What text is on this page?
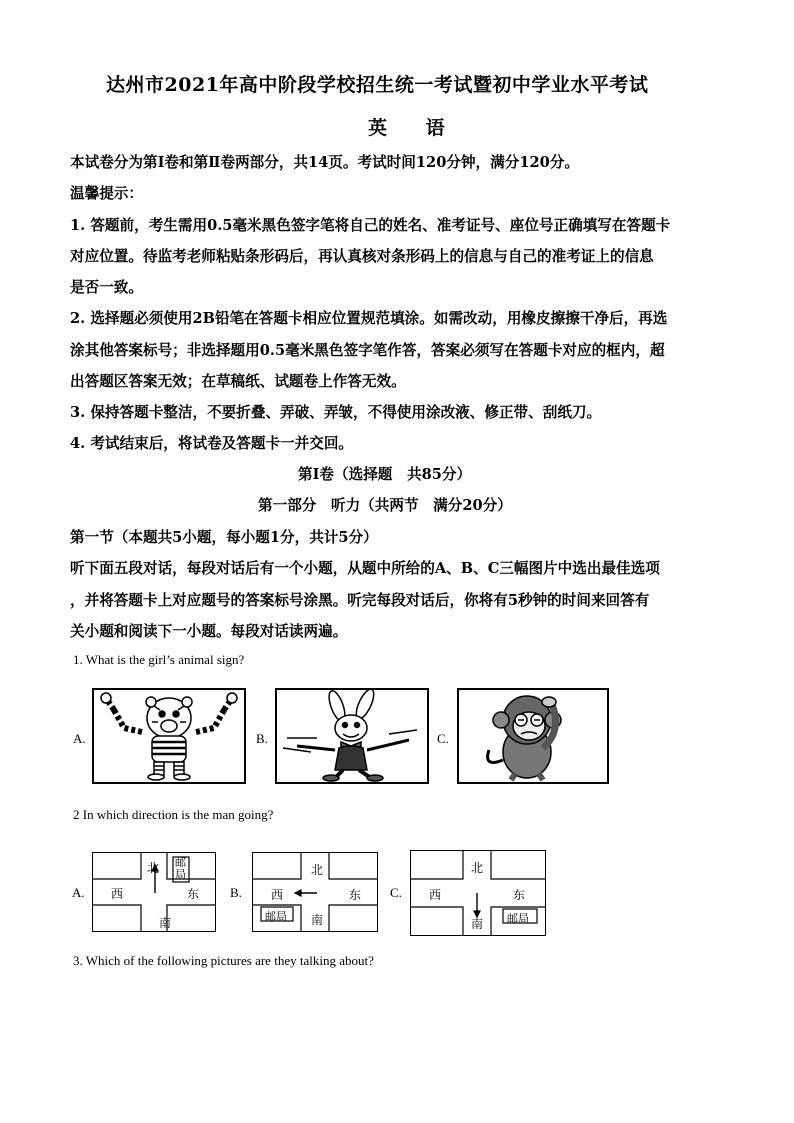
达州市2021年高中阶段学校招生统一考试暨初中学业水平考试
英 语
本试卷分为第Ⅰ卷和第Ⅱ卷两部分，共14页。考试时间120分钟，满分120分。
温馨提示：
1. 答题前，考生需用0.5毫米黑色签字笔将自己的姓名、准考证号、座位号正确填写在答题卡
对应位置。待监考老师粘贴条形码后，再认真核对条形码上的信息与自己的准考证上的信息
是否一致。
2. 选择题必须使用2B铅笔在答题卡相应位置规范填涂。如需改动，用橡皮擦擦干净后，再选
涂其他答案标号；非选择题用0.5毫米黑色签字笔作答，答案必须写在答题卡对应的框内，超
出答题区答案无效；在草稿纸、试题卷上作答无效。
3. 保持答题卡整洁，不要折叠、弄破、弄皱，不得使用涂改液、修正带、刮纸刀。
4. 考试结束后，将试卷及答题卡一并交回。
第Ⅰ卷（选择题　共85分）
第一部分　听力（共两节　满分20分）
第一节（本题共5小题，每小题1分，共计5分）
听下面五段对话，每段对话后有一个小题，从题中所给的A、B、C三幅图片中选出最佳选项
，并将答题卡上对应题号的答案标号涂黑。听完每段对话后，你将有5秒钟的时间来回答有
关小题和阅读下一小题。每段对话读两遍。
1. What is the girl’s animal sign?
A.	B.	C.
2 In which direction is the man going?
A.
北
南
西	东
邮局
B.
北
南
西	东
邮局
C.
北
南
西	东
邮局
3. Which of the following pictures are they talking about?
